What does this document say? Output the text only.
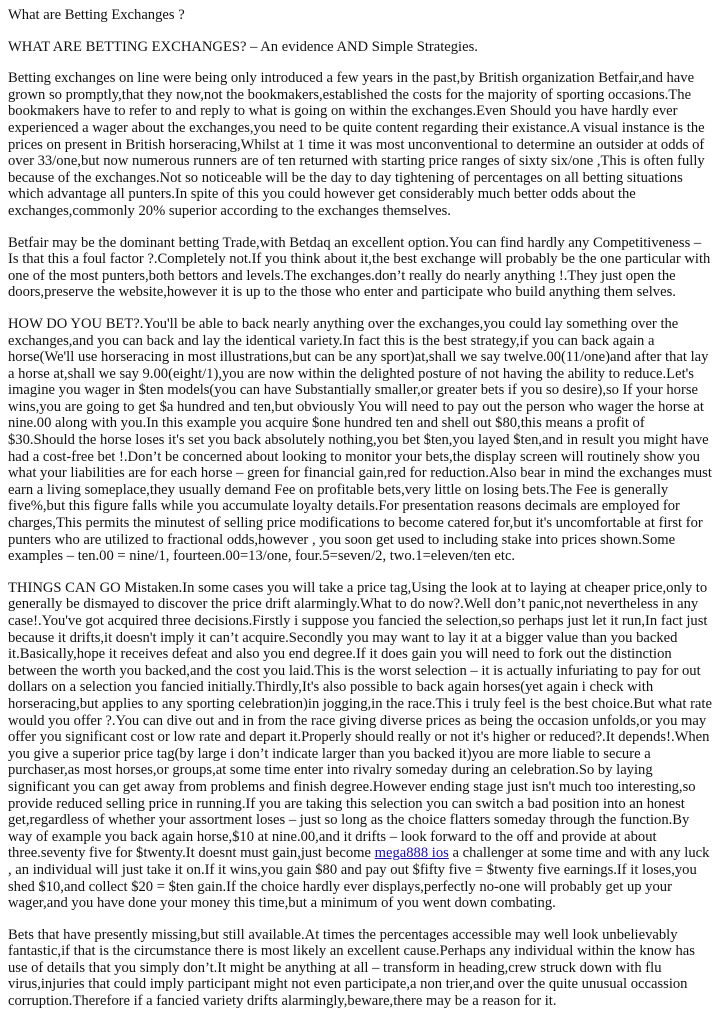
What are Betting Exchanges ?

WHAT ARE BETTING EXCHANGES? – An evidence AND Simple Strategies.

Betting exchanges on line were being only introduced a few years in the past,by British organization Betfair,and have grown so promptly,that they now,not the bookmakers,established the costs for the majority of sporting occasions.The bookmakers have to refer to and reply to what is going on within the exchanges.Even Should you have hardly ever experienced a wager about the exchanges,you need to be quite content regarding their existance.A visual instance is the prices on present in British horseracing,Whilst at 1 time it was most unconventional to determine an outsider at odds of over 33/one,but now numerous runners are of ten returned with starting price ranges of sixty six/one ,This is often fully because of the exchanges.Not so noticeable will be the day to day tightening of percentages on all betting situations which advantage all punters.In spite of this you could however get considerably much better odds about the exchanges,commonly 20% superior according to the exchanges themselves.

Betfair may be the dominant betting Trade,with Betdaq an excellent option.You can find hardly any Competitiveness – Is that this a foul factor ?.Completely not.If you think about it,the best exchange will probably be the one particular with one of the most punters,both bettors and levels.The exchanges.don’t really do nearly anything !.They just open the doors,preserve the website,however it is up to the those who enter and participate who build anything them selves.

HOW DO YOU BET?.You'll be able to back nearly anything over the exchanges,you could lay something over the exchanges,and you can back and lay the identical variety.In fact this is the best strategy,if you can back again a horse(We'll use horseracing in most illustrations,but can be any sport)at,shall we say twelve.00(11/one)and after that lay a horse at,shall we say 9.00(eight/1),you are now within the delighted posture of not having the ability to reduce.Let's imagine you wager in $ten models(you can have Substantially smaller,or greater bets if you so desire),so If your horse wins,you are going to get $a hundred and ten,but obviously You will need to pay out the person who wager the horse at nine.00 along with you.In this example you acquire $one hundred ten and shell out $80,this means a profit of $30.Should the horse loses it's set you back absolutely nothing,you bet $ten,you layed $ten,and in result you might have had a cost-free bet !.Don’t be concerned about looking to monitor your bets,the display screen will routinely show you what your liabilities are for each horse – green for financial gain,red for reduction.Also bear in mind the exchanges must earn a living someplace,they usually demand Fee on profitable bets,very little on losing bets.The Fee is generally five%,but this figure falls while you accumulate loyalty details.For presentation reasons decimals are employed for charges,This permits the minutest of selling price modifications to become catered for,but it's uncomfortable at first for punters who are utilized to fractional odds,however , you soon get used to including stake into prices shown.Some examples – ten.00 = nine/1, fourteen.00=13/one, four.5=seven/2, two.1=eleven/ten etc.

THINGS CAN GO Mistaken.In some cases you will take a price tag,Using the look at to laying at cheaper price,only to generally be dismayed to discover the price drift alarmingly.What to do now?.Well don’t panic,not nevertheless in any case!.You've got acquired three decisions.Firstly i suppose you fancied the selection,so perhaps just let it run,In fact just because it drifts,it doesn't imply it can’t acquire.Secondly you may want to lay it at a bigger value than you backed it.Basically,hope it receives defeat and also you end degree.If it does gain you will need to fork out the distinction between the worth you backed,and the cost you laid.This is the worst selection – it is actually infuriating to pay for out dollars on a selection you fancied initially.Thirdly,It's also possible to back again horses(yet again i check with horseracing,but applies to any sporting celebration)in jogging,in the race.This i truly feel is the best choice.But what rate would you offer ?.You can dive out and in from the race giving diverse prices as being the occasion unfolds,or you may offer you significant cost or low rate and depart it.Properly should really or not it's higher or reduced?.It depends!.When you give a superior price tag(by large i don’t indicate larger than you backed it)you are more liable to secure a purchaser,as most horses,or groups,at some time enter into rivalry someday during an celebration.So by laying significant you can get away from problems and finish degree.However ending stage just isn't much too interesting,so provide reduced selling price in running.If you are taking this selection you can switch a bad position into an honest get,regardless of whether your assortment loses – just so long as the choice flatters someday through the function.By way of example you back again horse,$10 at nine.00,and it drifts – look forward to the off and provide at about three.seventy five for $twenty.It doesnt must gain,just become mega888 ios a challenger at some time and with any luck , an individual will just take it on.If it wins,you gain $80 and pay out $fifty five = $twenty five earnings.If it loses,you shed $10,and collect $20 = $ten gain.If the choice hardly ever displays,perfectly no-one will probably get up your wager,and you have done your money this time,but a minimum of you went down combating.

Bets that have presently missing,but still available.At times the percentages accessible may well look unbelievably fantastic,if that is the circumstance there is most likely an excellent cause.Perhaps any individual within the know has use of details that you simply don’t.It might be anything at all – transform in heading,crew struck down with flu virus,injuries that could imply participant might not even participate,a non trier,and over the quite unusual occassion corruption.Therefore if a fancied variety drifts alarmingly,beware,there may be a reason for it.
